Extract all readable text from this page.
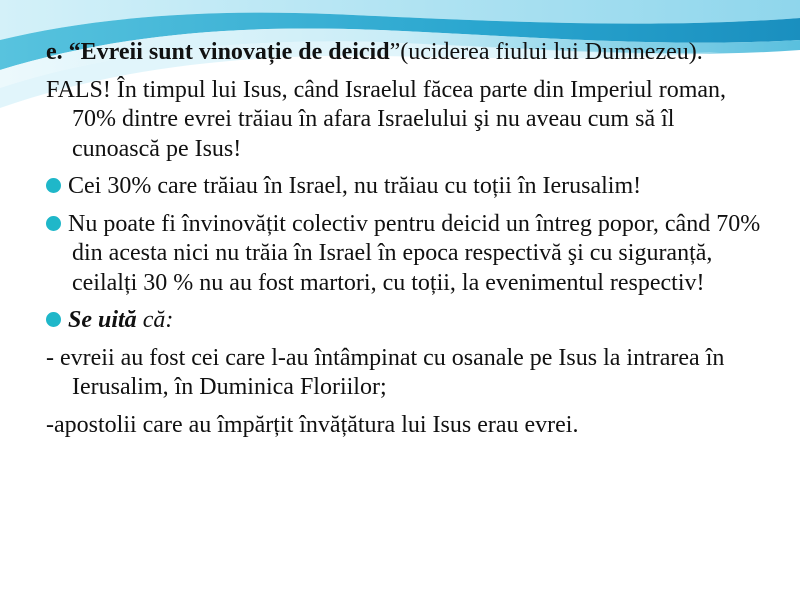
e. “Evreii sunt vinovație de deicid”(uciderea fiului lui Dumnezeu).

FALS! În timpul lui Isus, când Israelul făcea parte din Imperiul roman, 70% dintre evrei trăiau în afara Israelului şi nu aveau cum să îl cunoască pe Isus!

Cei 30% care trăiau în Israel, nu trăiau cu toții în Ierusalim!

Nu poate fi învinovățit colectiv pentru deicid un întreg popor, când 70% din acesta nici nu trăia în Israel în epoca respectivă şi cu siguranță, ceilalți 30 % nu au fost martori, cu toții, la evenimentul respectiv!

Se uită că:

- evreii au fost cei care l-au întâmpinat cu osanale pe Isus la intrarea în Ierusalim, în Duminica Floriilor;

-apostolii care au împărțit învățătura lui Isus erau evrei.
